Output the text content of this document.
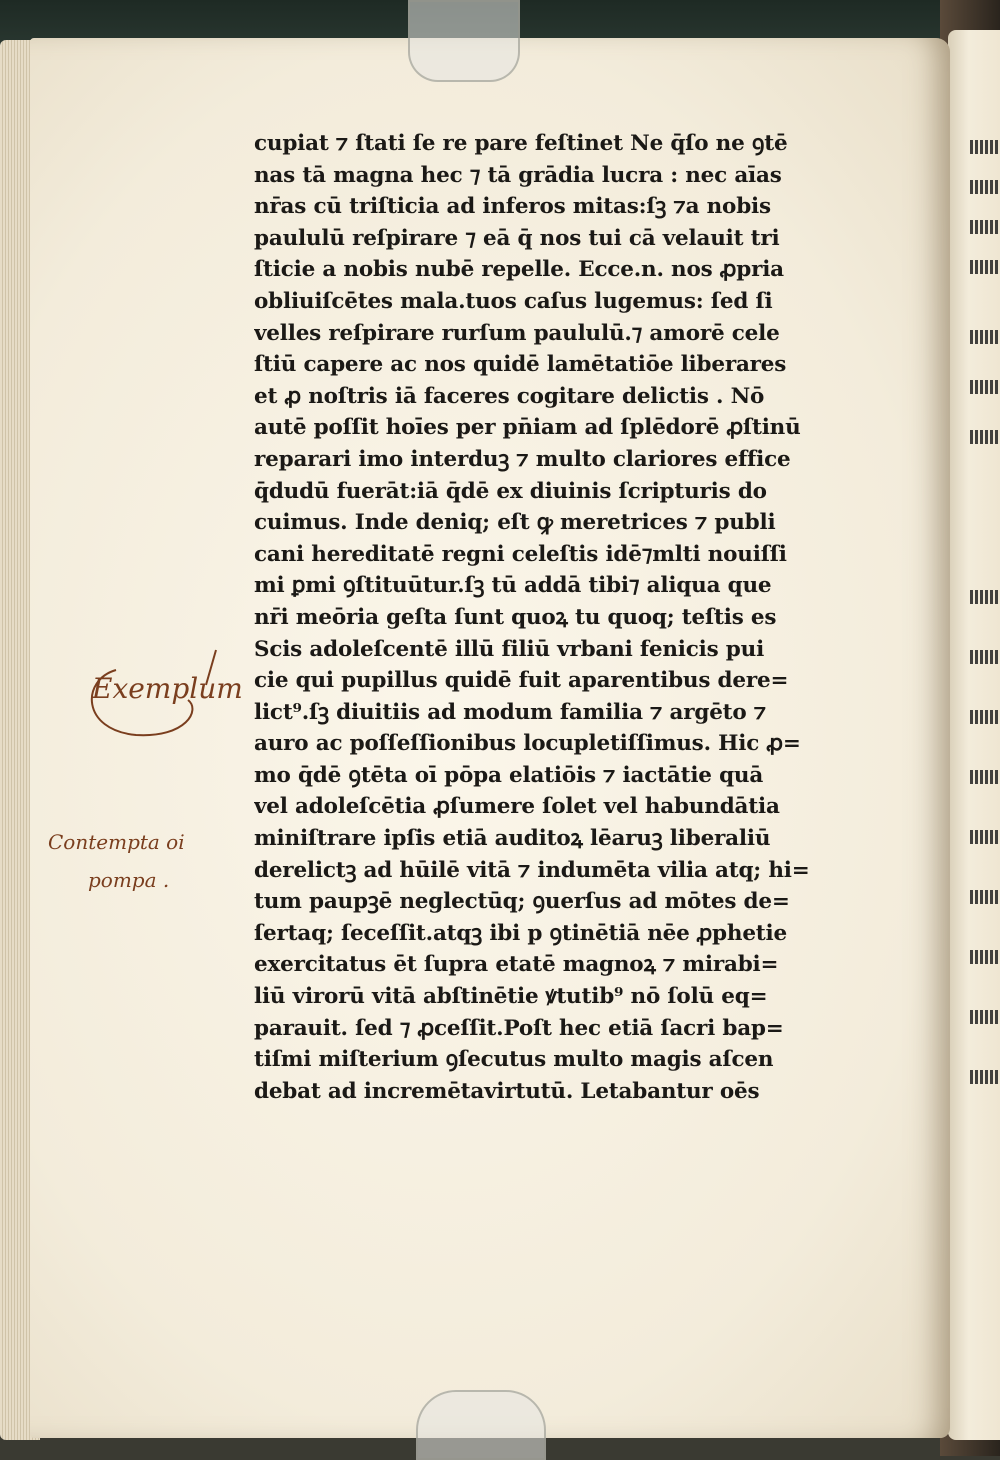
cupiat ⁊ ſtati ſe re pare feſtinet Ne q̄ſo ne ꝯtē
nas tā magna hec ⁊ tā grādia lucra : nec aīas
nr̄as cū triſticia ad inferos mitas:ſꝫ ⁊a nobis
paululū reſpirare ⁊ eā q̄ nos tui cā velauit tri
ſticie a nobis nubē repelle. Ecce.n. nos ꝓpria
obliuiſcētes mala.tuos caſus lugemus: ſed ſi
velles reſpirare rurſum paululū.⁊ amorē cele
ſtiū capere ac nos quidē lamētatiōe liberares
et ꝓ noſtris iā faceres cogitare delictis . Nō
autē poſſit hoīes per pn̄iam ad ſplēdorē ꝓſtinū
reparari imo interduꝫ ⁊ multo clariores effice
q̄dudū fuerāt:iā q̄dē ex diuinis ſcripturis do
cuimus. Inde deniq; eſt ꝙ meretrices ⁊ publi
cani hereditatē regni celeſtis idē⁊mlti nouiſſi
mi ꝑmi ꝯſtituūtur.ſꝫ tū addā tibi⁊ aliqua que
nr̄i meōria geſta ſunt quoꝝ tu quoq; teſtis es
Scis adoleſcentē illū filiū vrbani fenicis pui
cie qui pupillus quidē fuit aparentibus dere=
lict⁹.ſꝫ diuitiis ad modum familia ⁊ argēto ⁊
auro ac poſſeſſionibus locupletiſſimus. Hic ꝓ=
mo q̄dē ꝯtēta oī pōpa elatiōis ⁊ iactātie quā
vel adoleſcētia ꝓſumere ſolet vel habundātia
miniſtrare ipſis etiā auditoꝝ lēaruꝫ liberaliū
derelictꝫ ad hūilē vitā ⁊ indumēta vilia atq; hi=
tum paupꝫē neglectūq; ꝯuerſus ad mōtes de=
ſertaq; ſeceſſit.atqꝫ ibi p ꝯtinētiā nēe ꝓphetie
exercitatus ēt ſupra etatē magnoꝝ ⁊ mirabi=
liū virorū vitā abſtinētie ꝟtutib⁹ nō ſolū eq=
parauit. ſed ⁊ ꝓceſſit.Poſt hec etiā ſacri bap=
tiſmi miſterium ꝯſecutus multo magis aſcen
debat ad incremētavirtutū. Letabantur oēs
Exemplum
Contempta oi
pompa .
